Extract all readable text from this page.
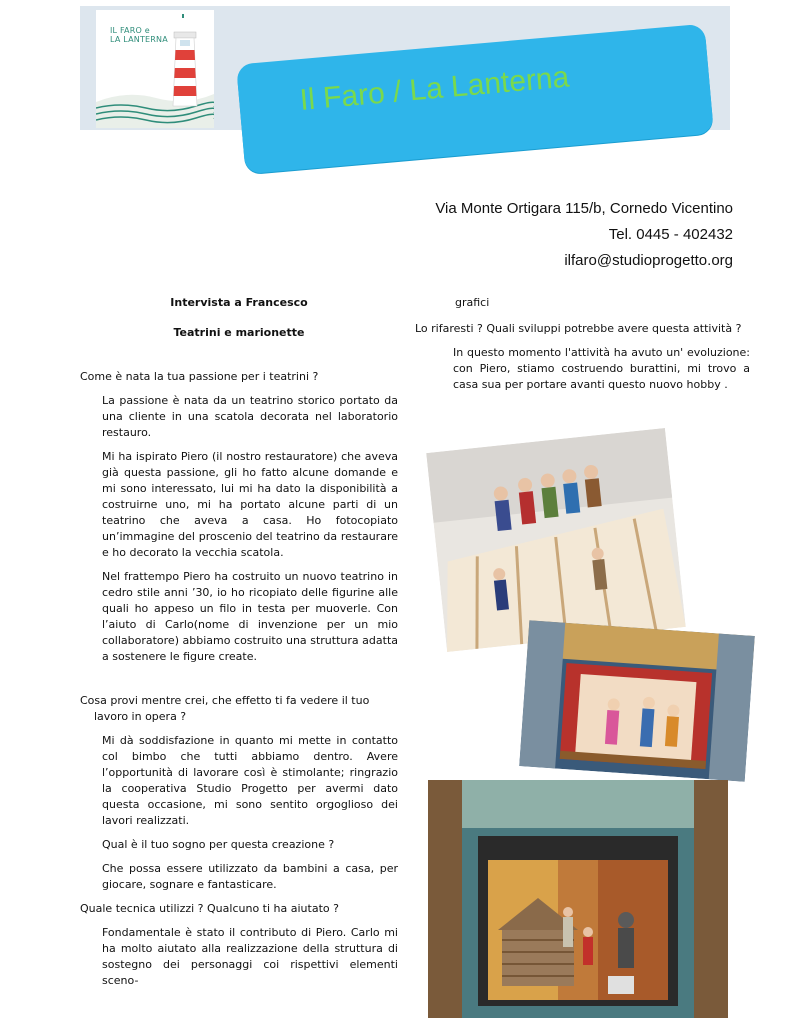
IL FARO e
LA LANTERNA
Il Faro / La Lanterna
Via Monte Ortigara 115/b, Cornedo Vicentino
Tel. 0445 - 402432
ilfaro@studioprogetto.org
Intervista a Francesco
Teatrini e marionette

Come è nata la tua passione per i teatrini ?

La passione è nata da un teatrino storico portato da una cliente in una scatola decorata nel laboratorio restauro.

Mi ha ispirato Piero (il nostro restauratore) che aveva già questa passione, gli ho fatto alcune domande e mi sono interessato, lui mi ha dato la disponibilità a costruirne uno, mi ha portato alcune parti di un teatrino che aveva a casa. Ho fotocopiato un’immagine del proscenio del teatrino da restaurare e ho decorato la vecchia scatola.

Nel frattempo Piero ha costruito un nuovo teatrino in cedro stile anni ’30, io ho ricopiato delle figurine alle quali ho appeso un filo in testa per muoverle. Con l’aiuto di Carlo(nome di invenzione per un mio collaboratore) abbiamo costruito una struttura adatta a sostenere le figure create.

Cosa provi mentre crei, che effetto ti fa vedere il tuo lavoro in opera ?

Mi dà soddisfazione in quanto mi mette in contatto col bimbo che tutti abbiamo dentro. Avere l’opportunità di lavorare così è stimolante; ringrazio la cooperativa Studio Progetto per avermi dato questa occasione, mi sono sentito orgoglioso dei lavori realizzati.

Qual è il tuo sogno per questa creazione ?

Che possa essere utilizzato da bambini a casa, per giocare, sognare e fantasticare.

Quale tecnica utilizzi ? Qualcuno ti ha aiutato ?

Fondamentale è stato il contributo di Piero. Carlo mi ha molto aiutato alla realizzazione della struttura di sostegno dei personaggi coi rispettivi elementi sceno-

grafici

Lo rifaresti ? Quali sviluppi potrebbe avere questa attività ?

In questo momento l'attività ha avuto un' evoluzione: con Piero, stiamo costruendo burattini, mi trovo a casa sua per portare avanti questo nuovo hobby .
